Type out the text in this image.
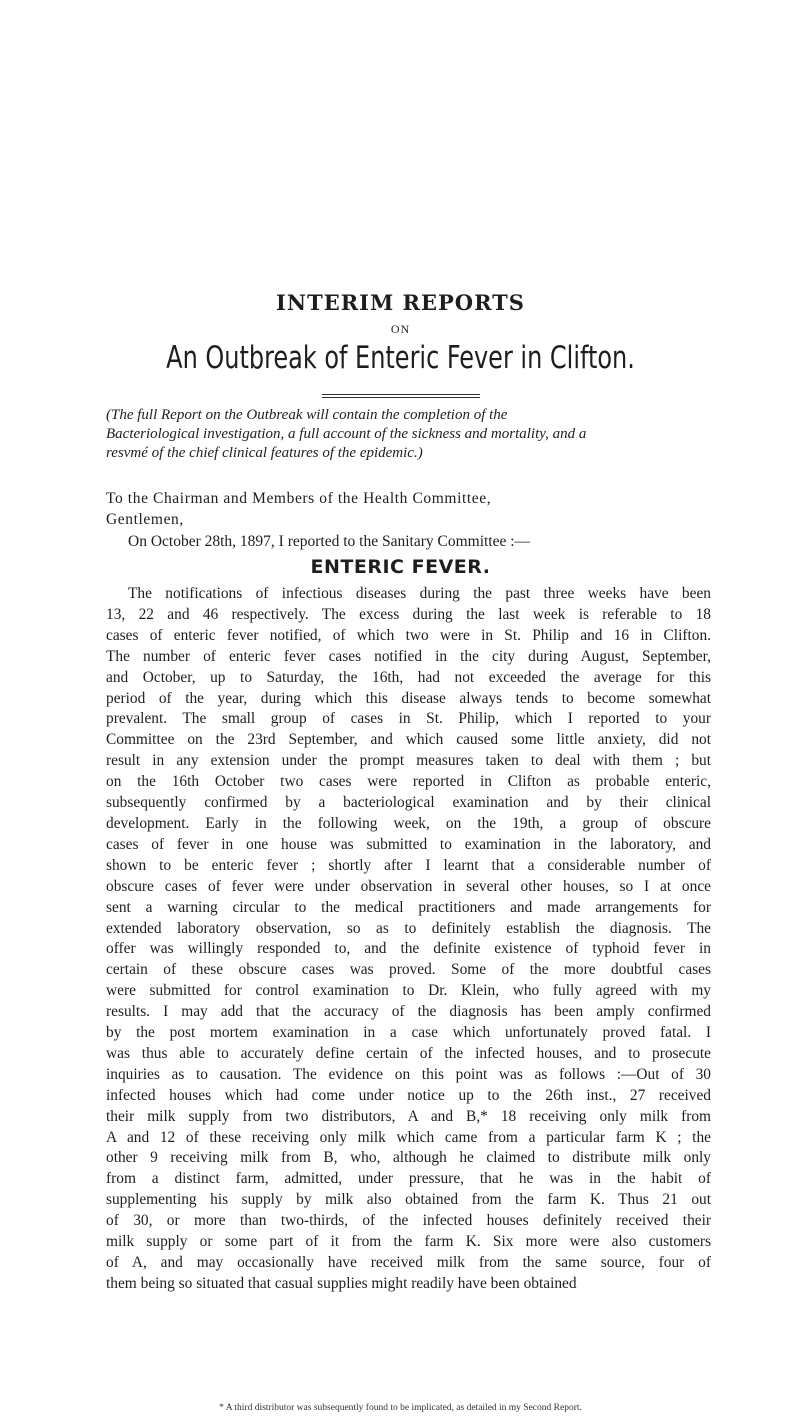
INTERIM REPORTS
ON
An Outbreak of Enteric Fever in Clifton.
(The full Report on the Outbreak will contain the completion of the
Bacteriological investigation, a full account of the sickness and mortality, and a
resvmé of the chief clinical features of the epidemic.)
To the Chairman and Members of the Health Committee,
Gentlemen,
On October 28th, 1897, I reported to the Sanitary Committee :—
ENTERIC FEVER.
The notifications of infectious diseases during the past three weeks have been
13, 22 and 46 respectively. The excess during the last week is referable to 18
cases of enteric fever notified, of which two were in St. Philip and 16 in Clifton.
The number of enteric fever cases notified in the city during August, September,
and October, up to Saturday, the 16th, had not exceeded the average for this
period of the year, during which this disease always tends to become somewhat
prevalent. The small group of cases in St. Philip, which I reported to your
Committee on the 23rd September, and which caused some little anxiety, did not
result in any extension under the prompt measures taken to deal with them ; but
on the 16th October two cases were reported in Clifton as probable enteric,
subsequently confirmed by a bacteriological examination and by their clinical
development. Early in the following week, on the 19th, a group of obscure
cases of fever in one house was submitted to examination in the laboratory, and
shown to be enteric fever ; shortly after I learnt that a considerable number of
obscure cases of fever were under observation in several other houses, so I at once
sent a warning circular to the medical practitioners and made arrangements for
extended laboratory observation, so as to definitely establish the diagnosis. The
offer was willingly responded to, and the definite existence of typhoid fever in
certain of these obscure cases was proved. Some of the more doubtful cases
were submitted for control examination to Dr. Klein, who fully agreed with my
results. I may add that the accuracy of the diagnosis has been amply confirmed
by the post mortem examination in a case which unfortunately proved fatal. I
was thus able to accurately define certain of the infected houses, and to prosecute
inquiries as to causation. The evidence on this point was as follows :—Out of 30
infected houses which had come under notice up to the 26th inst., 27 received
their milk supply from two distributors, A and B,* 18 receiving only milk from
A and 12 of these receiving only milk which came from a particular farm K ; the
other 9 receiving milk from B, who, although he claimed to distribute milk only
from a distinct farm, admitted, under pressure, that he was in the habit of
supplementing his supply by milk also obtained from the farm K. Thus 21 out
of 30, or more than two-thirds, of the infected houses definitely received their
milk supply or some part of it from the farm K. Six more were also customers
of A, and may occasionally have received milk from the same source, four of
them being so situated that casual supplies might readily have been obtained
* A third distributor was subsequently found to be implicated, as detailed in my Second Report.
